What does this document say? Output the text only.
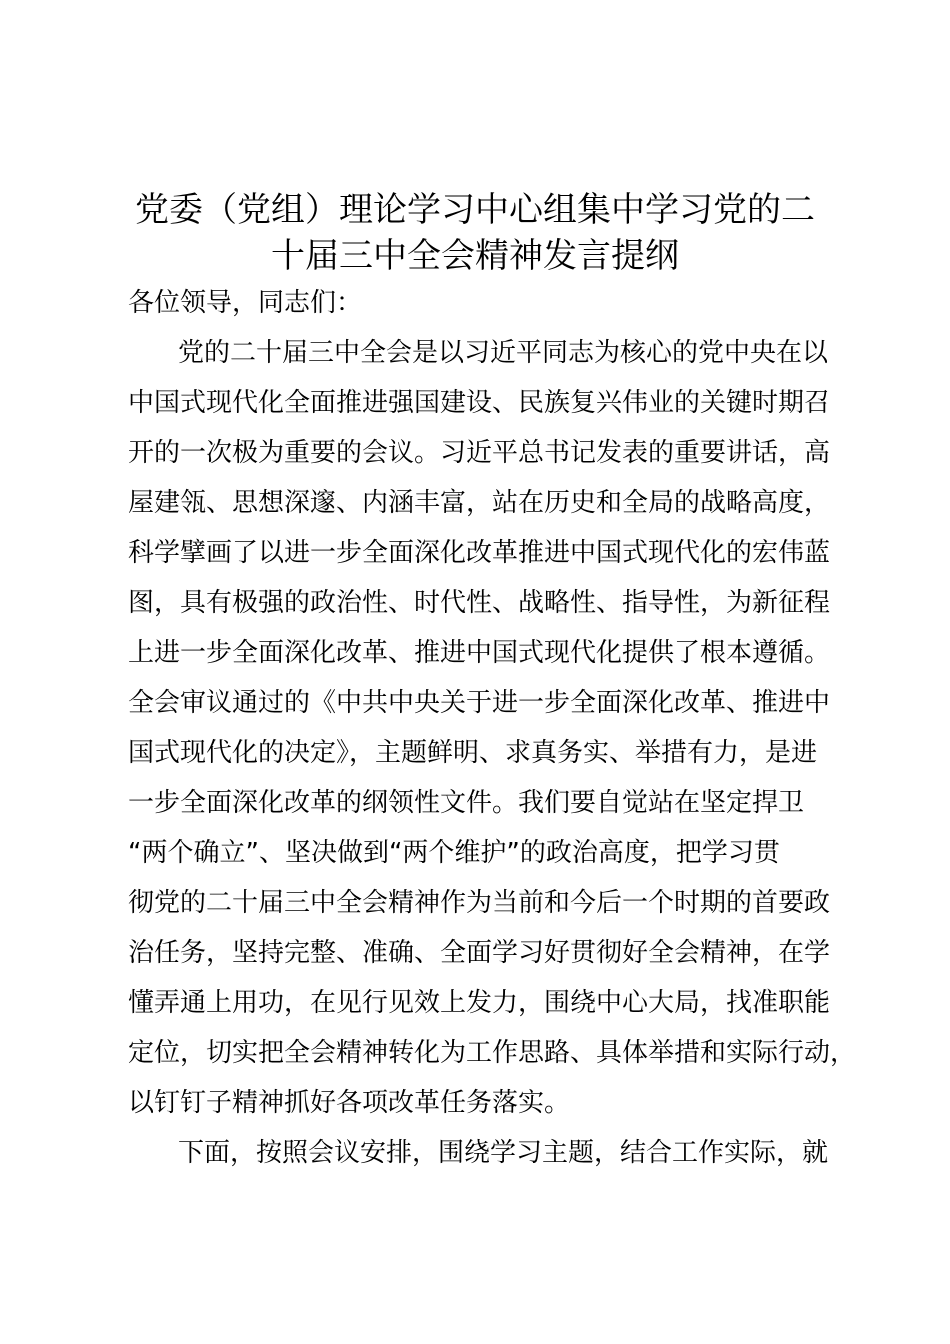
党委（党组）理论学习中心组集中学习党的二
十届三中全会精神发言提纲

各位领导，同志们：

党的二十届三中全会是以习近平同志为核心的党中央在以

中国式现代化全面推进强国建设、民族复兴伟业的关键时期召

开的一次极为重要的会议。习近平总书记发表的重要讲话，高

屋建瓴、思想深邃、内涵丰富，站在历史和全局的战略高度，

科学擘画了以进一步全面深化改革推进中国式现代化的宏伟蓝

图，具有极强的政治性、时代性、战略性、指导性，为新征程

上进一步全面深化改革、推进中国式现代化提供了根本遵循。

全会审议通过的《中共中央关于进一步全面深化改革、推进中

国式现代化的决定》，主题鲜明、求真务实、举措有力，是进

一步全面深化改革的纲领性文件。我们要自觉站在坚定捍卫

“两个确立”、坚决做到“两个维护”的政治高度，把学习贯

彻党的二十届三中全会精神作为当前和今后一个时期的首要政

治任务，坚持完整、准确、全面学习好贯彻好全会精神，在学

懂弄通上用功，在见行见效上发力，围绕中心大局，找准职能

定位，切实把全会精神转化为工作思路、具体举措和实际行动，

以钉钉子精神抓好各项改革任务落实。

下面，按照会议安排，围绕学习主题，结合工作实际，就
